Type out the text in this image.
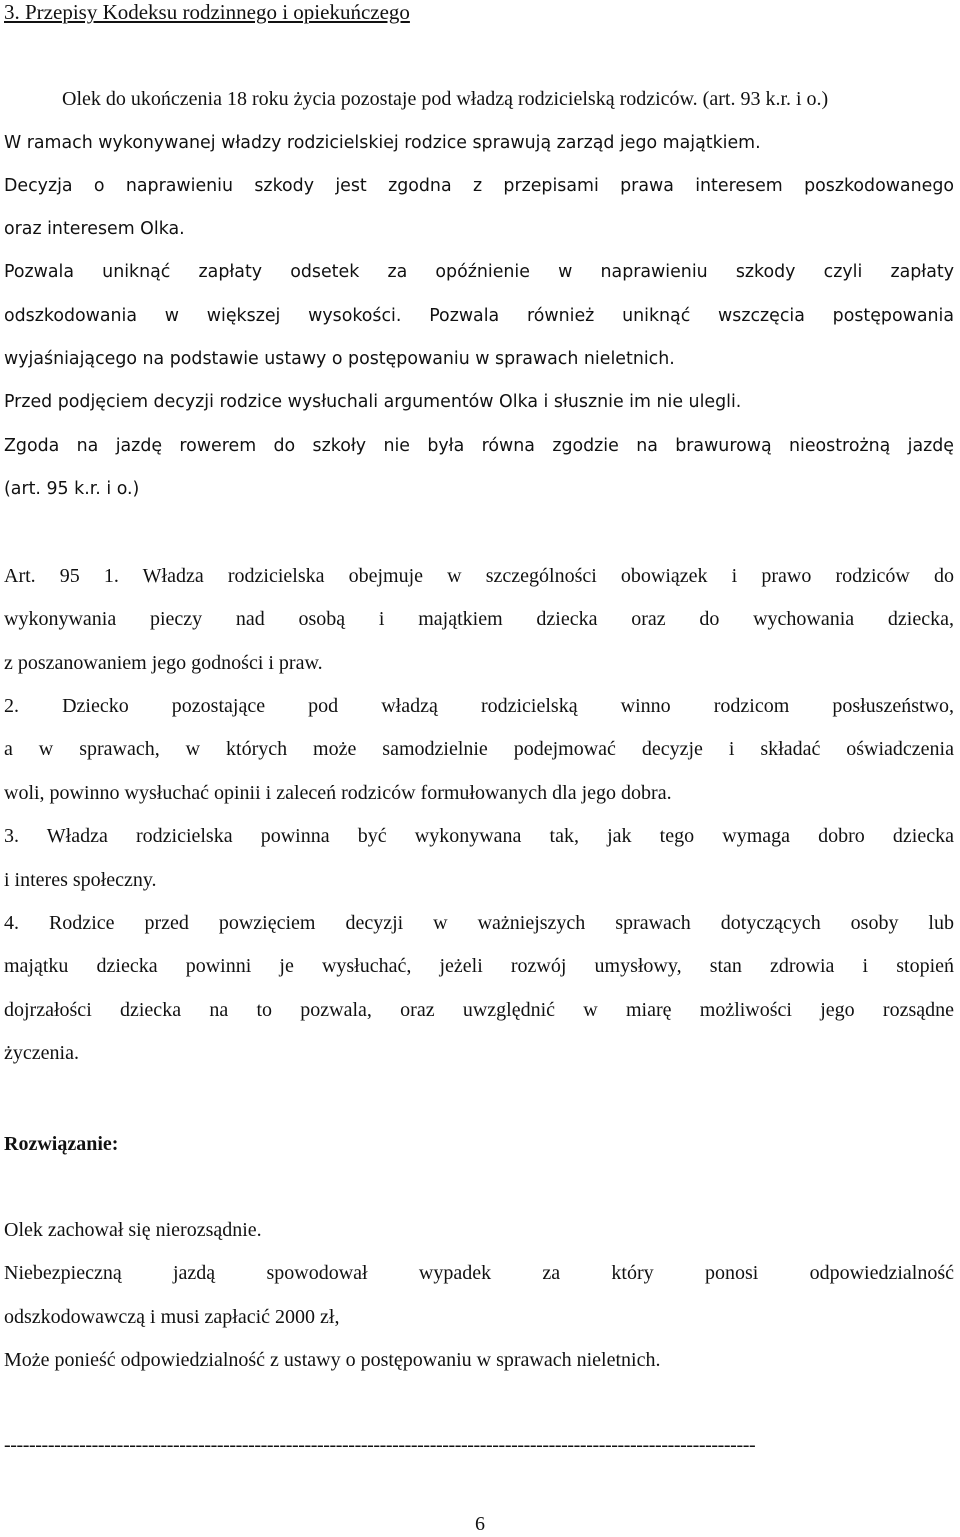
3. Przepisy Kodeksu rodzinnego i opiekuńczego
Olek do ukończenia 18 roku życia pozostaje pod władzą rodzicielską rodziców. (art. 93 k.r. i o.)
W ramach wykonywanej władzy rodzicielskiej rodzice sprawują zarząd jego majątkiem.
Decyzja o naprawieniu szkody jest zgodna z przepisami prawa interesem poszkodowanego
oraz interesem Olka.
Pozwala uniknąć zapłaty odsetek za opóźnienie w naprawieniu szkody czyli zapłaty
odszkodowania w większej wysokości. Pozwala również uniknąć wszczęcia postępowania
wyjaśniającego na podstawie ustawy o postępowaniu w sprawach nieletnich.
Przed podjęciem decyzji rodzice wysłuchali argumentów Olka i słusznie im nie ulegli.
Zgoda na jazdę rowerem do szkoły nie była równa zgodzie na brawurową nieostrożną jazdę
(art. 95 k.r. i o.)
Art. 95 1. Władza rodzicielska obejmuje w szczególności obowiązek i prawo rodziców do
wykonywania pieczy nad osobą i majątkiem dziecka oraz do wychowania dziecka,
z poszanowaniem jego godności i praw.
2. Dziecko pozostające pod władzą rodzicielską winno rodzicom posłuszeństwo,
a w sprawach, w których może samodzielnie podejmować decyzje i składać oświadczenia
woli, powinno wysłuchać opinii i zaleceń rodziców formułowanych dla jego dobra.
3. Władza rodzicielska powinna być wykonywana tak, jak tego wymaga dobro dziecka
i interes społeczny.
4. Rodzice przed powzięciem decyzji w ważniejszych sprawach dotyczących osoby lub
majątku dziecka powinni je wysłuchać, jeżeli rozwój umysłowy, stan zdrowia i stopień
dojrzałości dziecka na to pozwala, oraz uwzględnić w miarę możliwości jego rozsądne
życzenia.
Rozwiązanie:
Olek zachował się nierozsądnie.
Niebezpieczną jazdą spowodował wypadek za który ponosi odpowiedzialność
odszkodowawczą i musi zapłacić 2000 zł,
Może ponieść odpowiedzialność z ustawy o postępowaniu w sprawach nieletnich.
------------------------------------------------------------------------------------------------------------------------
6
